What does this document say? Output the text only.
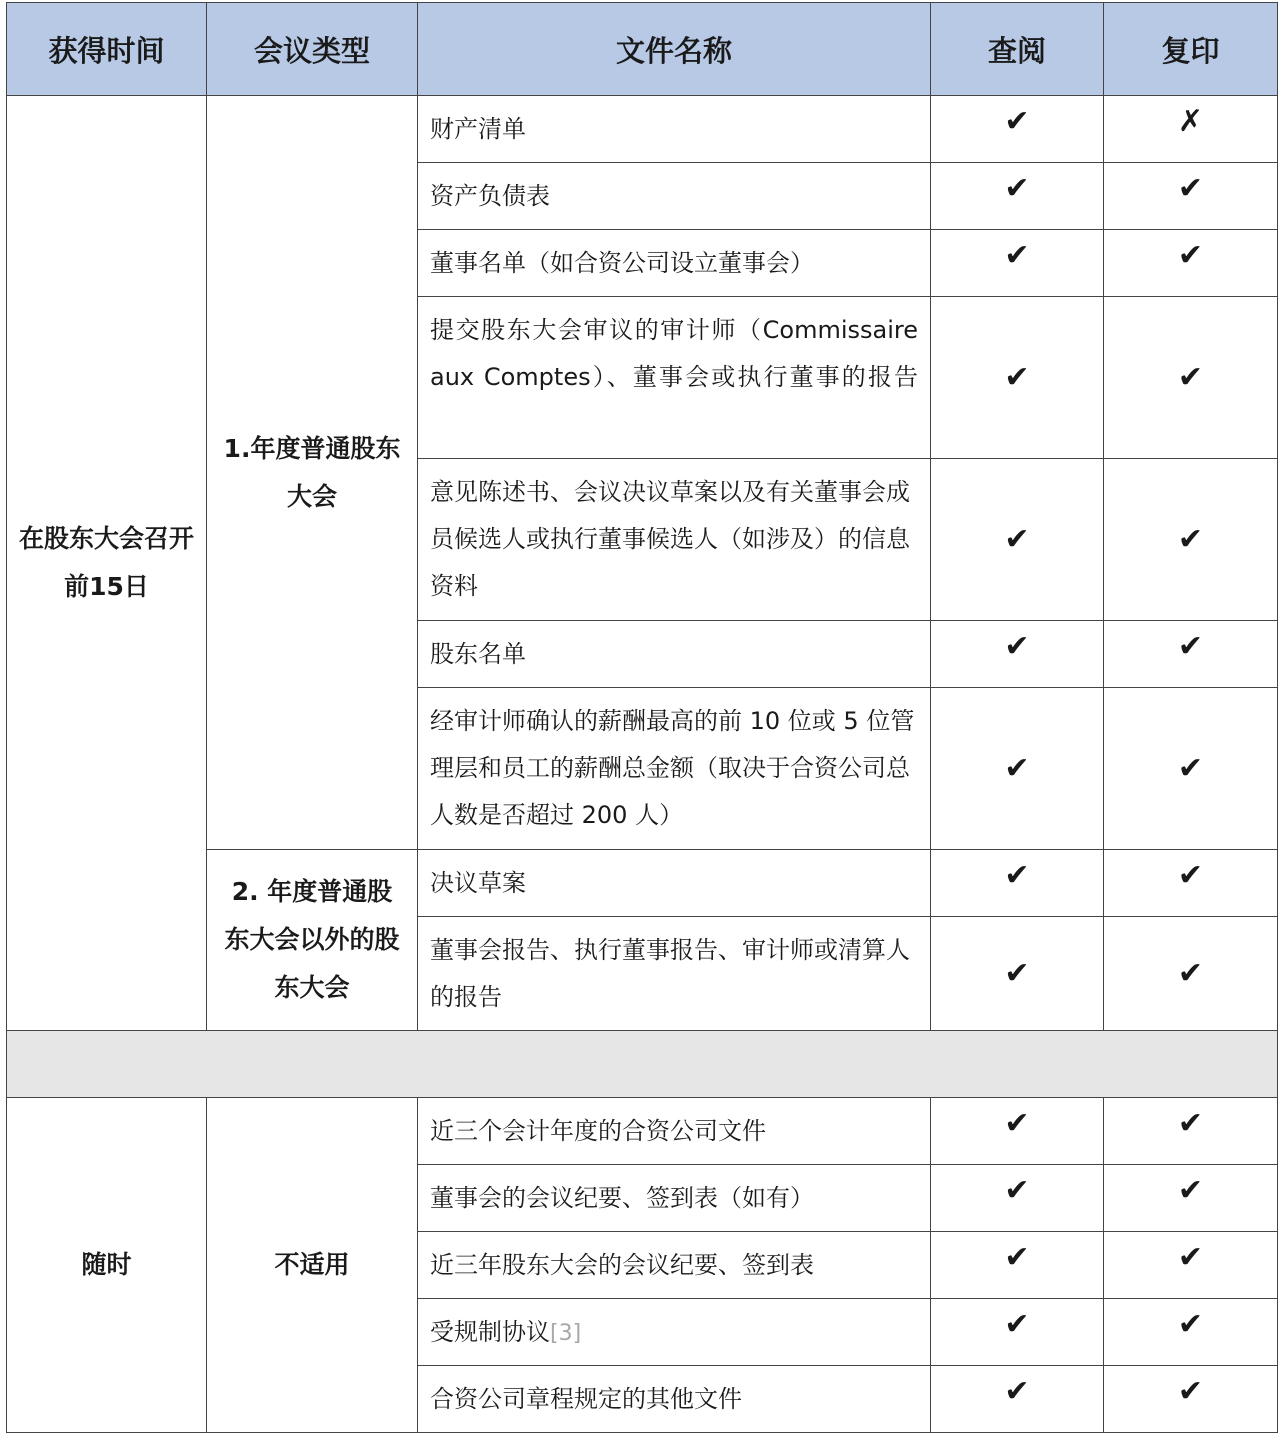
获得时间	会议类型	文件名称	查阅	复印
在股东大会召开前15日	1.年度普通股东大会	财产清单	✔	✗
		资产负债表	✔	✔
		董事名单（如合资公司设立董事会）	✔	✔
		提交股东大会审议的审计师（Commissaire aux Comptes）、董事会或执行董事的报告	✔	✔
		意见陈述书、会议决议草案以及有关董事会成员候选人或执行董事候选人（如涉及）的信息资料	✔	✔
		股东名单	✔	✔
		经审计师确认的薪酬最高的前 10 位或 5 位管理层和员工的薪酬总金额（取决于合资公司总人数是否超过 200 人）	✔	✔
	2. 年度普通股东大会以外的股东大会	决议草案	✔	✔
		董事会报告、执行董事报告、审计师或清算人的报告	✔	✔

随时	不适用	近三个会计年度的合资公司文件	✔	✔
		董事会的会议纪要、签到表（如有）	✔	✔
		近三年股东大会的会议纪要、签到表	✔	✔
		受规制协议[3]	✔	✔
		合资公司章程规定的其他文件	✔	✔
